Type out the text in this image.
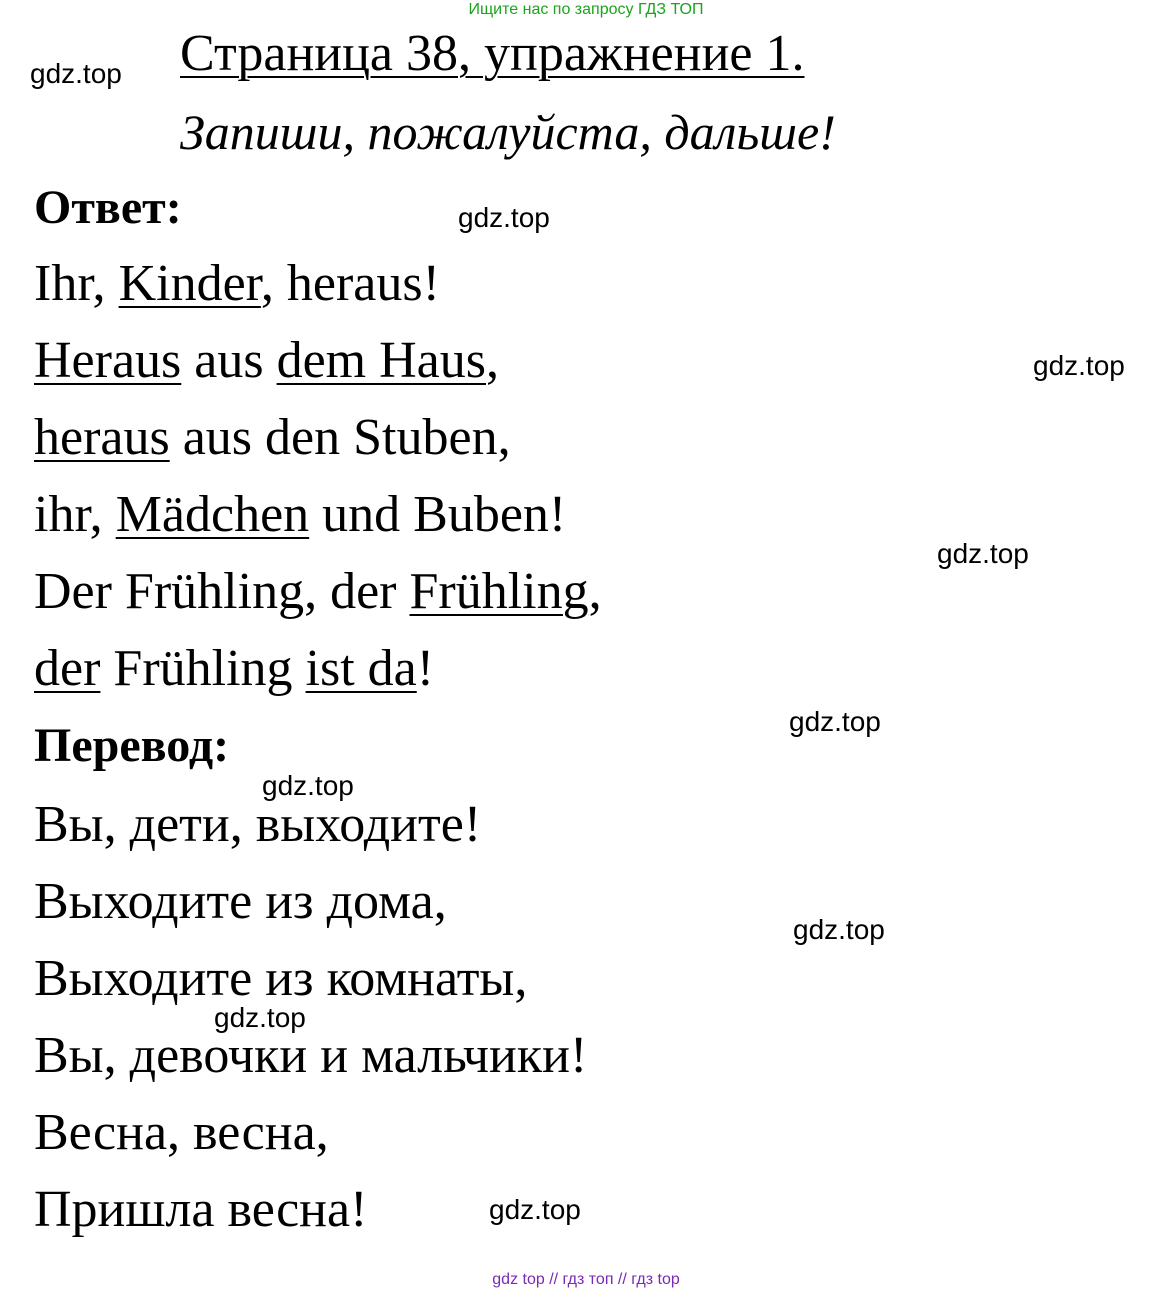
Ищите нас по запросу ГДЗ ТОП
Страница 38, упражнение 1.
Запиши, пожалуйста, дальше!
Ответ:
Ihr, Kinder, heraus!
Heraus aus dem Haus,
heraus aus den Stuben,
ihr, Mädchen und Buben!
Der Frühling, der Frühling,
der Frühling ist da!
Перевод:
Вы, дети, выходите!
Выходите из дома,
Выходите из комнаты,
Вы, девочки и мальчики!
Весна, весна,
Пришла весна!
gdz.top
gdz.top
gdz.top
gdz.top
gdz.top
gdz.top
gdz.top
gdz.top
gdz.top
gdz top // гдз топ // гдз top
